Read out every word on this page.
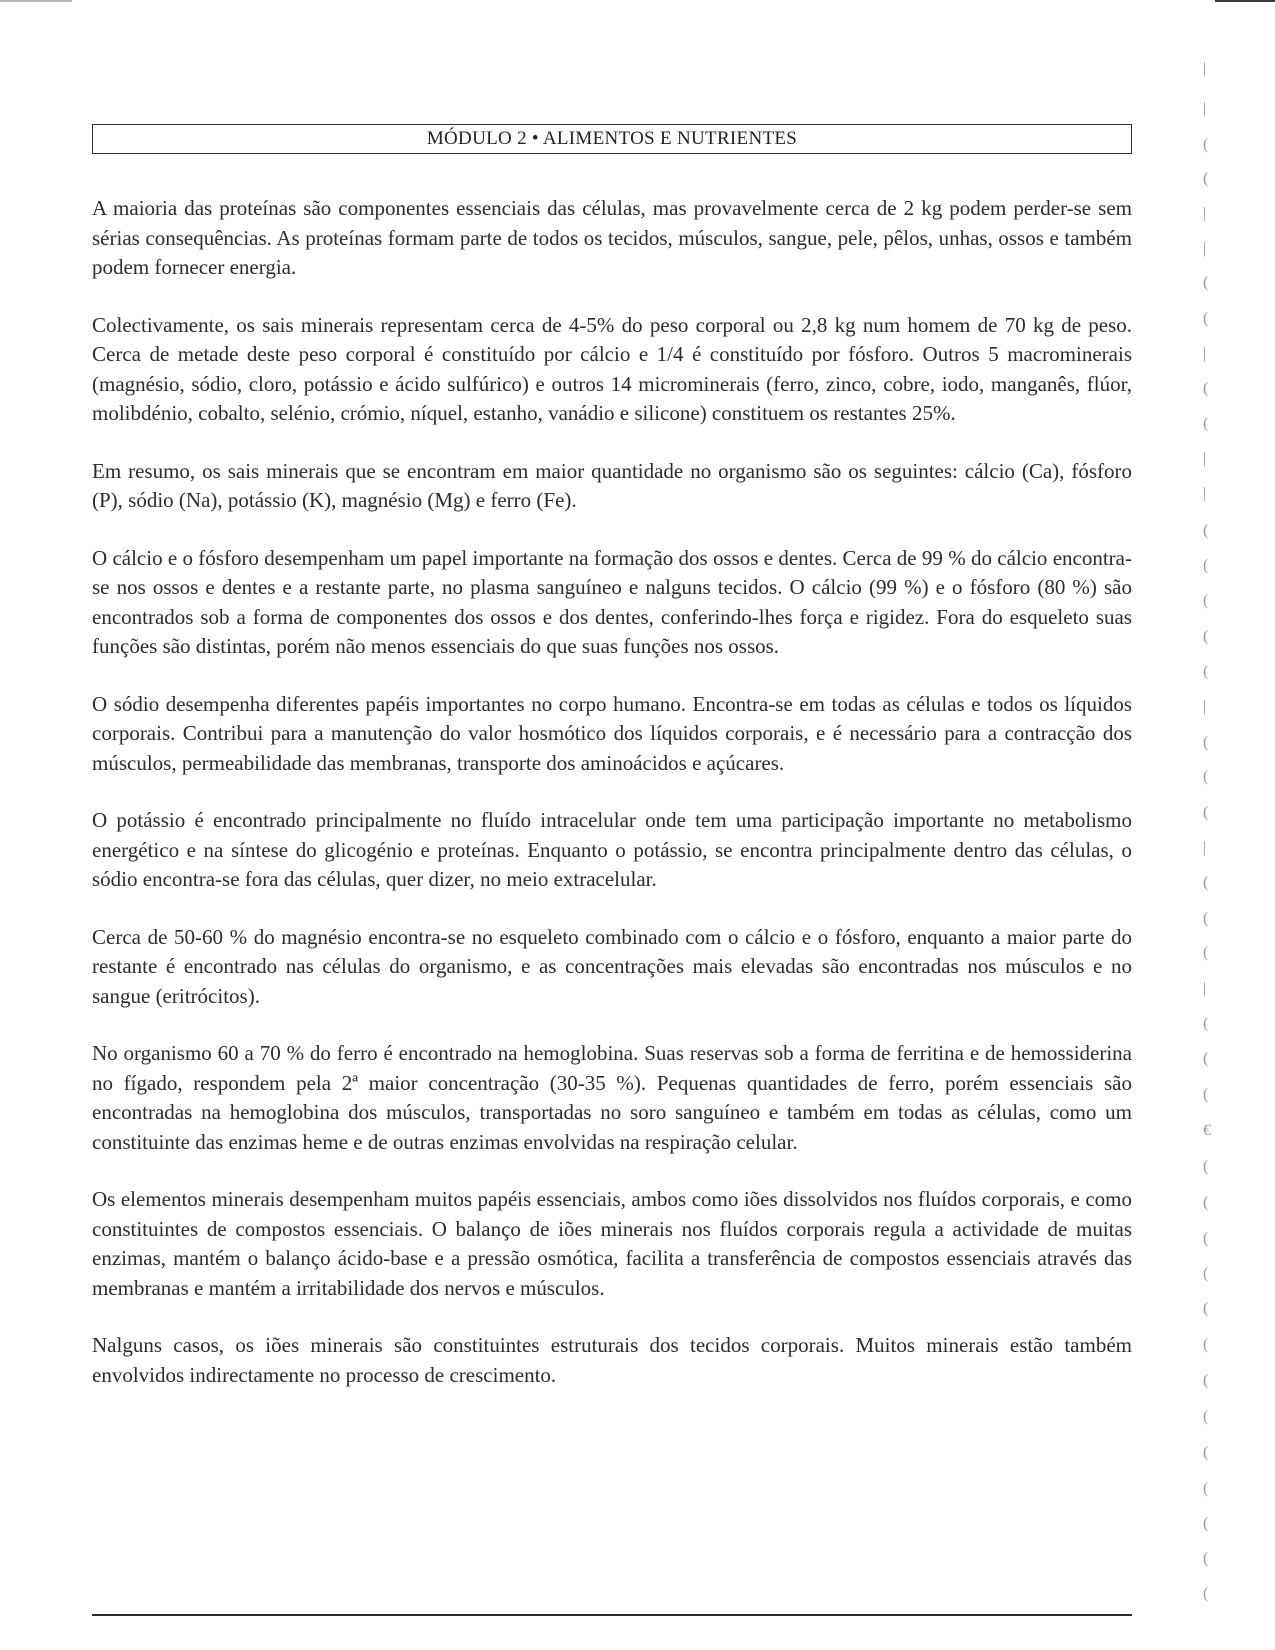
MÓDULO 2 • ALIMENTOS E NUTRIENTES

A maioria das proteínas são componentes essenciais das células, mas provavelmente cerca de 2 kg podem perder-se sem sérias consequências. As proteínas formam parte de todos os tecidos, músculos, sangue, pele, pêlos, unhas, ossos e também podem fornecer energia.

Colectivamente, os sais minerais representam cerca de 4-5% do peso corporal ou 2,8 kg num homem de 70 kg de peso. Cerca de metade deste peso corporal é constituído por cálcio e 1/4 é constituído por fósforo. Outros 5 macrominerais (magnésio, sódio, cloro, potássio e ácido sulfúrico) e outros 14 microminerais (ferro, zinco, cobre, iodo, manganês, flúor, molibdénio, cobalto, selénio, crómio, níquel, estanho, vanádio e silicone) constituem os restantes 25%.

Em resumo, os sais minerais que se encontram em maior quantidade no organismo são os seguintes: cálcio (Ca), fósforo (P), sódio (Na), potássio (K), magnésio (Mg) e ferro (Fe).

O cálcio e o fósforo desempenham um papel importante na formação dos ossos e dentes. Cerca de 99 % do cálcio encontra-se nos ossos e dentes e a restante parte, no plasma sanguíneo e nalguns tecidos. O cálcio (99 %) e o fósforo (80 %) são encontrados sob a forma de componentes dos ossos e dos dentes, conferindo-lhes força e rigidez. Fora do esqueleto suas funções são distintas, porém não menos essenciais do que suas funções nos ossos.

O sódio desempenha diferentes papéis importantes no corpo humano. Encontra-se em todas as células e todos os líquidos corporais. Contribui para a manutenção do valor hosmótico dos líquidos corporais, e é necessário para a contracção dos músculos, permeabilidade das membranas, transporte dos aminoácidos e açúcares.

O potássio é encontrado principalmente no fluído intracelular onde tem uma participação importante no metabolismo energético e na síntese do glicogénio e proteínas. Enquanto o potássio, se encontra principalmente dentro das células, o sódio encontra-se fora das células, quer dizer, no meio extracelular.

Cerca de 50-60 % do magnésio encontra-se no esqueleto combinado com o cálcio e o fósforo, enquanto a maior parte do restante é encontrado nas células do organismo, e as concentrações mais elevadas são encontradas nos músculos e no sangue (eritrócitos).

No organismo 60 a 70 % do ferro é encontrado na hemoglobina. Suas reservas sob a forma de ferritina e de hemossiderina no fígado, respondem pela 2ª maior concentração (30-35 %). Pequenas quantidades de ferro, porém essenciais são encontradas na hemoglobina dos músculos, transportadas no soro sanguíneo e também em todas as células, como um constituinte das enzimas heme e de outras enzimas envolvidas na respiração celular.

Os elementos minerais desempenham muitos papéis essenciais, ambos como iões dissolvidos nos fluídos corporais, e como constituintes de compostos essenciais. O balanço de iões minerais nos fluídos corporais regula a actividade de muitas enzimas, mantém o balanço ácido-base e a pressão osmótica, facilita a transferência de compostos essenciais através das membranas e mantém a irritabilidade dos nervos e músculos.

Nalguns casos, os iões minerais são constituintes estruturais dos tecidos corporais. Muitos minerais estão também envolvidos indirectamente no processo de crescimento.

|
|
(
(
|
|
(
(
|
(
(
|
|
(
(
(
(
(
|
(
(
(
|
(
(
(
|
(
(
(
€
(
(
(
(
(
(
(
(
(
(
(
(
(
